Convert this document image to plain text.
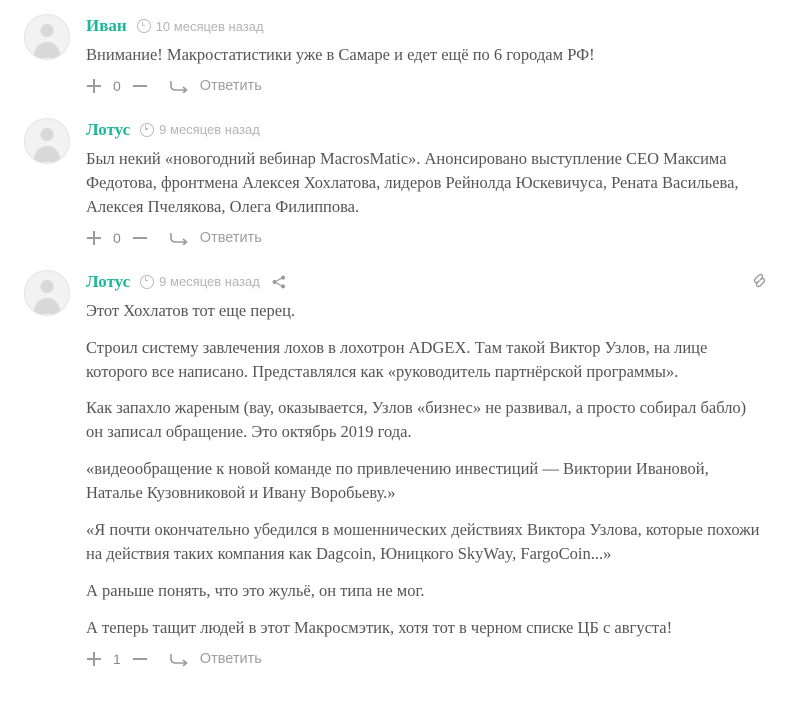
Иван 10 месяцев назад

Внимание! Макростатистики уже в Самаре и едет ещё по 6 городам РФ!

0	Ответить
Лотус 9 месяцев назад

Был некий «новогодний вебинар MacrosMatic». Анонсировано выступление СЕО Максима Федотова, фронтмена Алексея Хохлатова, лидеров Рейнолда Юскевичуса, Рената Васильева, Алексея Пчелякова, Олега Филиппова.

0	Ответить
Лотус 9 месяцев назад

Этот Хохлатов тот еще перец.

Строил систему завлечения лохов в лохотрон ADGEX. Там такой Виктор Узлов, на лице которого все написано. Представлялся как «руководитель партнёрской программы».

Как запахло жареным (вау, оказывается, Узлов «бизнес» не развивал, а просто собирал бабло) он записал обращение. Это октябрь 2019 года.

«видеообращение к новой команде по привлечению инвестиций — Виктории Ивановой, Наталье Кузовниковой и Ивану Воробьеву.»

«Я почти окончательно убедился в мошеннических действиях Виктора Узлова, которые похожи на действия таких компания как Dagcoin, Юницкого SkyWay, FargoCoin...»

А раньше понять, что это жульё, он типа не мог.

А теперь тащит людей в этот Макросмэтик, хотя тот в черном списке ЦБ с августа!

1	Ответить
